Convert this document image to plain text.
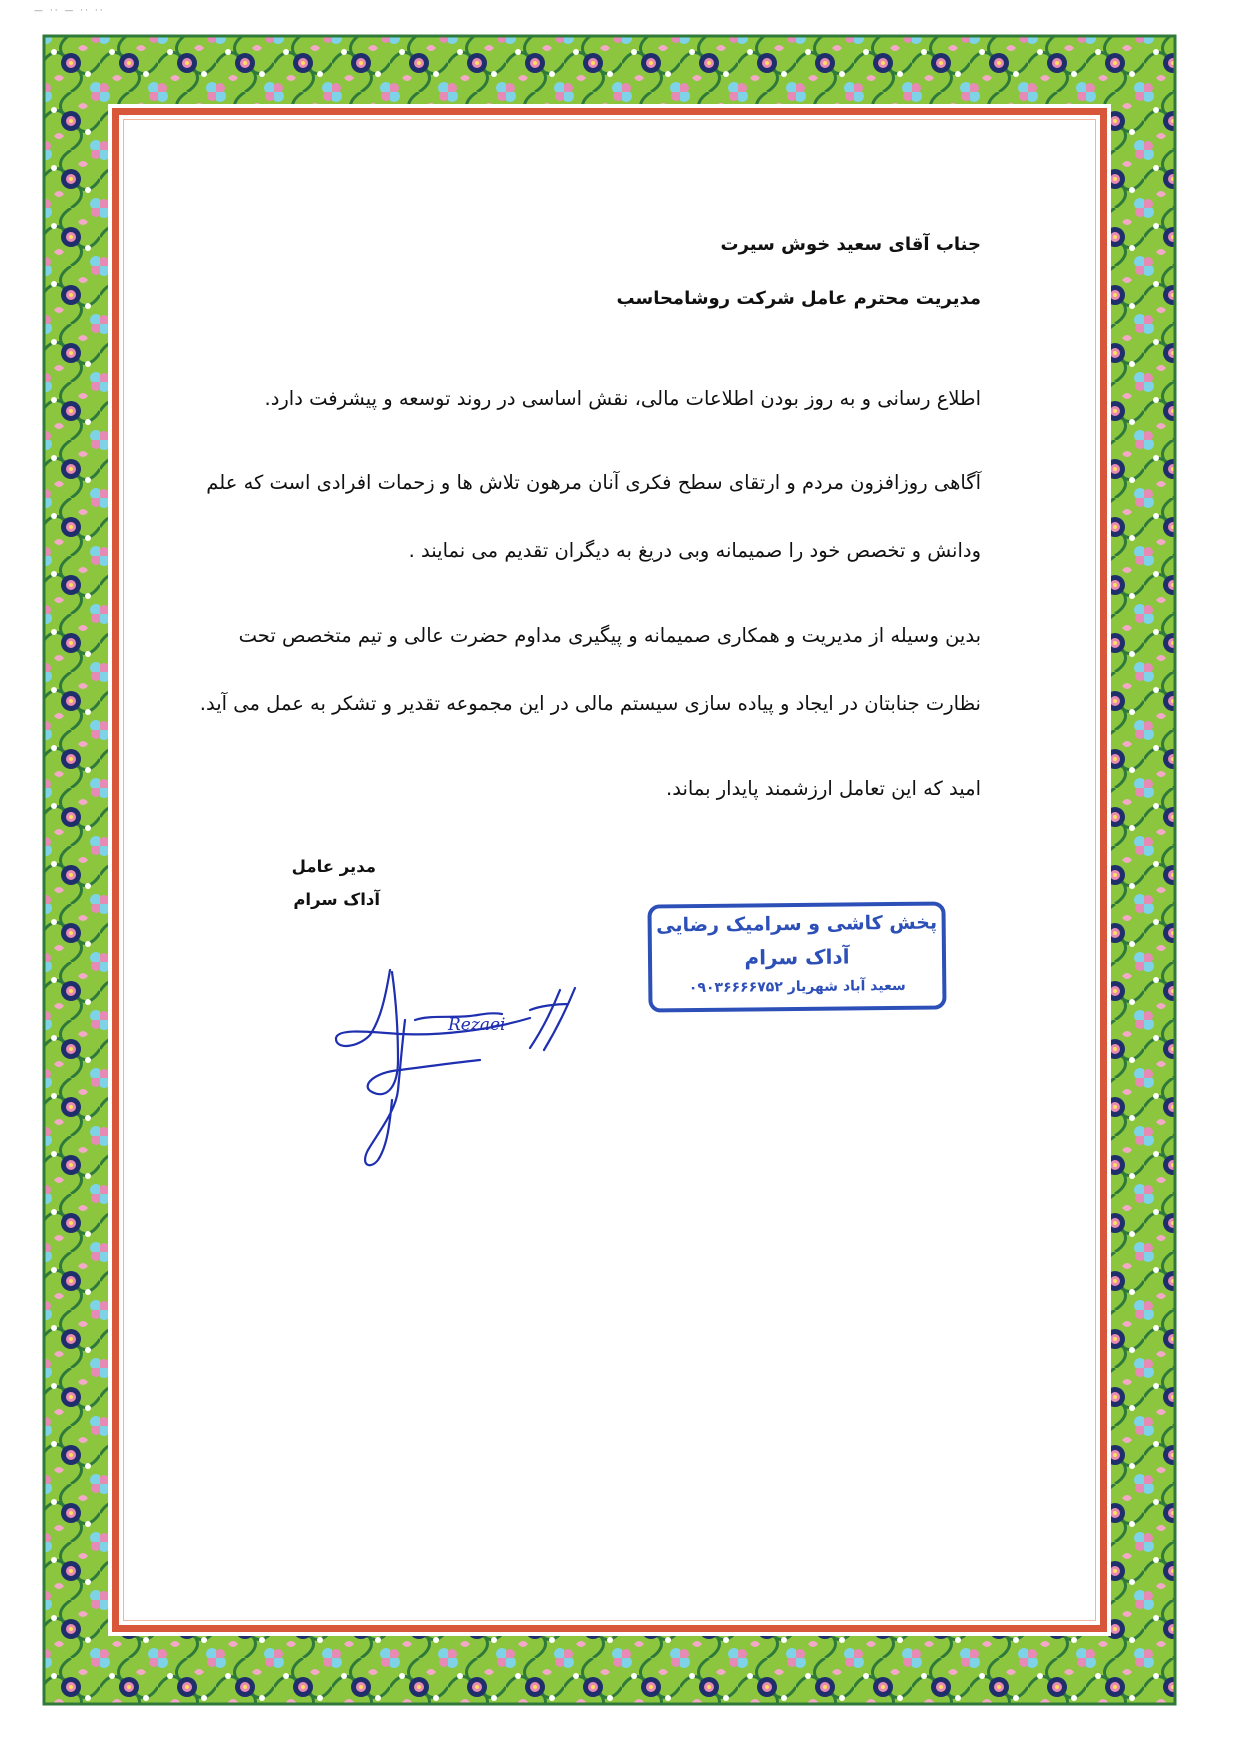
— ·· — ·· ··
جناب آقای سعید خوش سیرت
مدیریت محترم عامل شرکت روشامحاسب
اطلاع رسانی و به روز بودن اطلاعات مالی، نقش اساسی در روند توسعه و پیشرفت دارد.
آگاهی روزافزون مردم و ارتقای سطح فکری آنان مرهون تلاش ها و زحمات افرادی است که علم
ودانش و تخصص خود را صمیمانه وبی دریغ به دیگران تقدیم می نمایند .
بدین وسیله از مدیریت و همکاری صمیمانه و پیگیری مداوم حضرت عالی و تیم متخصص تحت
نظارت جنابتان در ایجاد و پیاده سازی سیستم مالی در این مجموعه تقدیر و تشکر به عمل می آید.
امید که این تعامل ارزشمند پایدار بماند.
مدیر عامل
آداک سرام
پخش کاشی و سرامیک رضایی
آداک سرام
سعید آباد شهریار ۰۹۰۳۶۶۶۶۷۵۲
Rezaei
